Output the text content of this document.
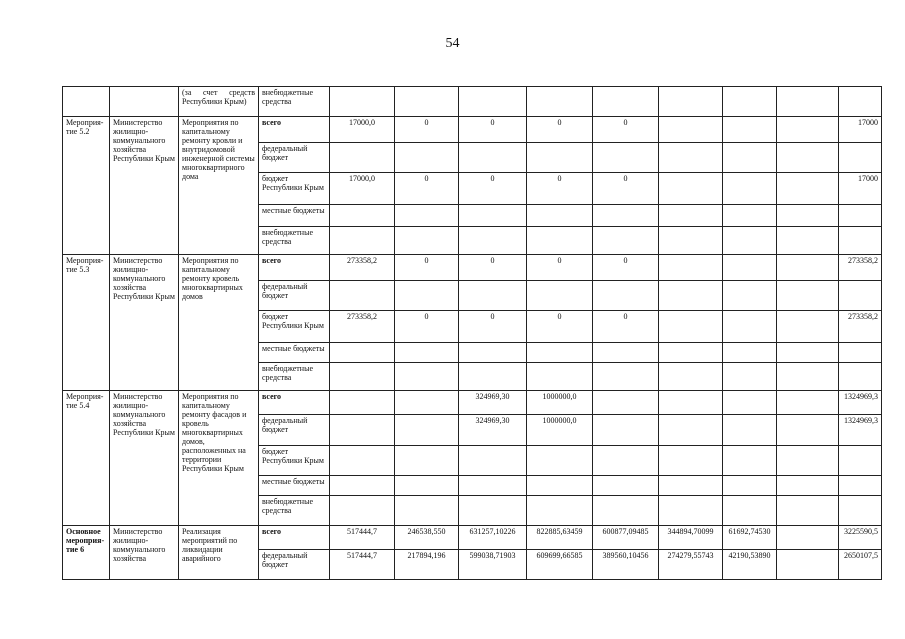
54
		(за счет средств Республики Крым)	внебюджетные средства									
Мероприя-тие 5.2	Министерство жилищно-коммунального хозяйства Республики Крым	Мероприятия по капитальному ремонту кровли и внутридомовой инженерной системы многоквартирного дома	всего	17000,0	0	0	0	0				17000
			федеральный бюджет									
			бюджет Республики Крым	17000,0	0	0	0	0				17000
			местные бюджеты									
			внебюджетные средства									
Мероприя-тие 5.3	Министерство жилищно-коммунального хозяйства Республики Крым	Мероприятия по капитальному ремонту кровель многоквартирных домов	всего	273358,2	0	0	0	0				273358,2
			федеральный бюджет									
			бюджет Республики Крым	273358,2	0	0	0	0				273358,2
			местные бюджеты									
			внебюджетные средства									
Мероприя-тие 5.4	Министерство жилищно-коммунального хозяйства Республики Крым	Мероприятия по капитальному ремонту фасадов и кровель многоквартирных домов, расположенных на территории Республики Крым	всего			324969,30	1000000,0					1324969,3
			федеральный бюджет			324969,30	1000000,0					1324969,3
			бюджет Республики Крым									
			местные бюджеты									
			внебюджетные средства									
Основное мероприя-тие 6	Министерство жилищно-коммунального хозяйства	Реализация мероприятий по ликвидации аварийного	всего	517444,7	246538,550	631257,10226	822885,63459	600877,09485	344894,70099	61692,74530		3225590,5
			федеральный бюджет	517444,7	217894,196	599038,71903	609699,66585	389560,10456	274279,55743	42190,53890		2650107,5
